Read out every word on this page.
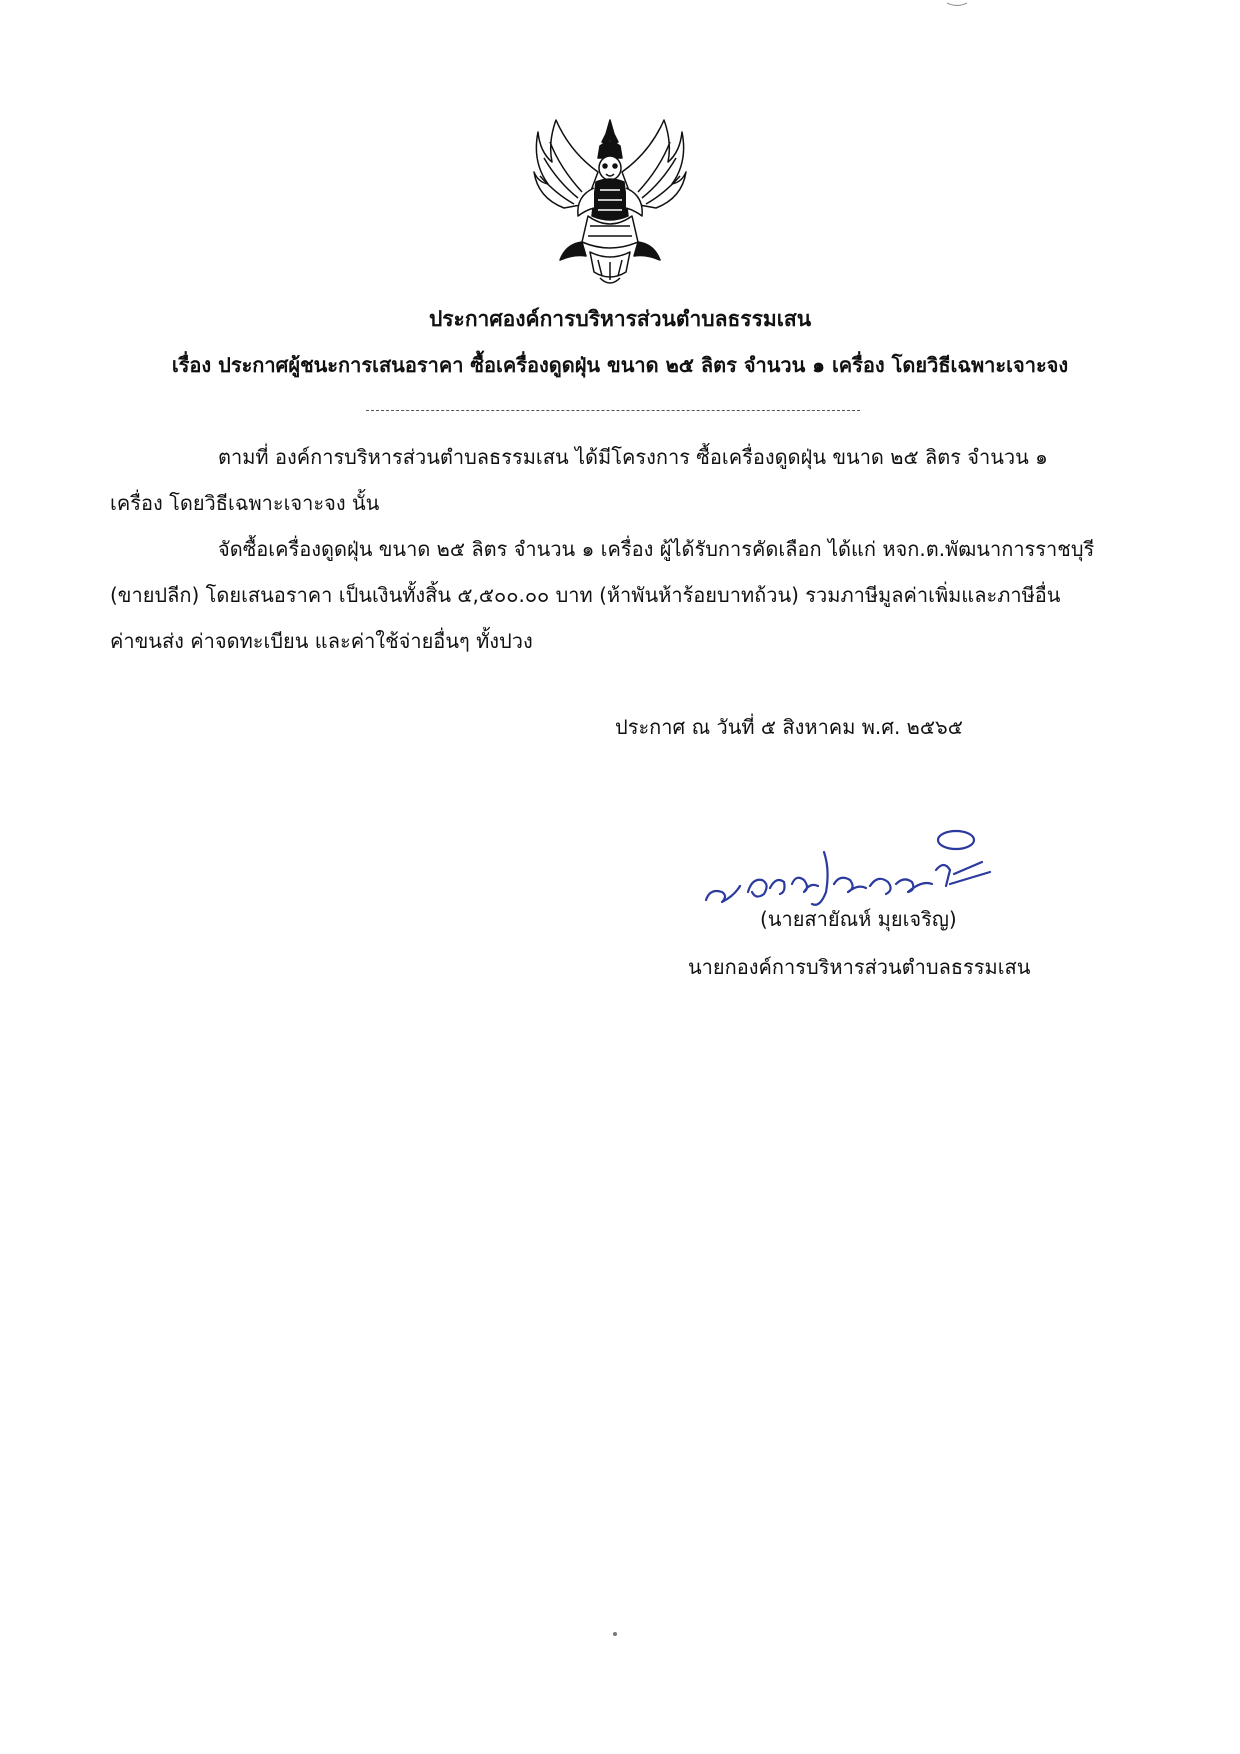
ประกาศองค์การบริหารส่วนตำบลธรรมเสน
เรื่อง ประกาศผู้ชนะการเสนอราคา ซื้อเครื่องดูดฝุ่น ขนาด ๒๕ ลิตร จำนวน ๑ เครื่อง โดยวิธีเฉพาะเจาะจง
ตามที่ องค์การบริหารส่วนตำบลธรรมเสน ได้มีโครงการ ซื้อเครื่องดูดฝุ่น ขนาด ๒๕ ลิตร จำนวน ๑
เครื่อง โดยวิธีเฉพาะเจาะจง นั้น
จัดซื้อเครื่องดูดฝุ่น ขนาด ๒๕ ลิตร จำนวน ๑ เครื่อง ผู้ได้รับการคัดเลือก ได้แก่ หจก.ต.พัฒนาการราชบุรี
(ขายปลีก) โดยเสนอราคา เป็นเงินทั้งสิ้น ๕,๕๐๐.๐๐ บาท (ห้าพันห้าร้อยบาทถ้วน) รวมภาษีมูลค่าเพิ่มและภาษีอื่น
ค่าขนส่ง ค่าจดทะเบียน และค่าใช้จ่ายอื่นๆ ทั้งปวง
ประกาศ ณ วันที่ ๕ สิงหาคม พ.ศ. ๒๕๖๕
(นายสายัณห์ มุยเจริญ)
นายกองค์การบริหารส่วนตำบลธรรมเสน
